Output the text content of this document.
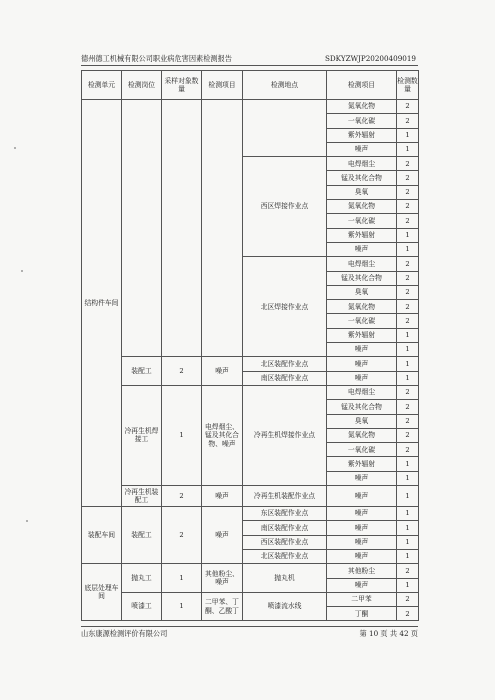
德州德工机械有限公司职业病危害因素检测报告	SDKYZWJP20200409019
检测单元	检测岗位	采样对象数量	检测项目	检测地点	检测项目	检测数量
结构件车间					氮氧化物	2
					一氧化碳	2
					紫外辐射	1
					噪声	1
				西区焊接作业点	电焊烟尘	2
					锰及其化合物	2
					臭氧	2
					氮氧化物	2
					一氧化碳	2
					紫外辐射	1
					噪声	1
				北区焊接作业点	电焊烟尘	2
					锰及其化合物	2
					臭氧	2
					氮氧化物	2
					一氧化碳	2
					紫外辐射	1
					噪声	1
	装配工	2	噪声	北区装配作业点	噪声	1
				南区装配作业点	噪声	1
	冷再生机焊接工	1	电焊烟尘、锰及其化合物、噪声	冷再生机焊接作业点	电焊烟尘	2
					锰及其化合物	2
					臭氧	2
					氮氧化物	2
					一氧化碳	2
					紫外辐射	1
					噪声	1
	冷再生机装配工	2	噪声	冷再生机装配作业点	噪声	1
装配车间	装配工	2	噪声	东区装配作业点	噪声	1
				南区装配作业点	噪声	1
				西区装配作业点	噪声	1
				北区装配作业点	噪声	1
底层处理车间	抛丸工	1	其他粉尘、噪声	抛丸机	其他粉尘	2
					噪声	1
	喷漆工	1	二甲苯、丁酮、乙酸丁	喷漆流水线	二甲苯	2
					丁酮	2
山东康源检测评价有限公司	第 10 页 共 42 页
